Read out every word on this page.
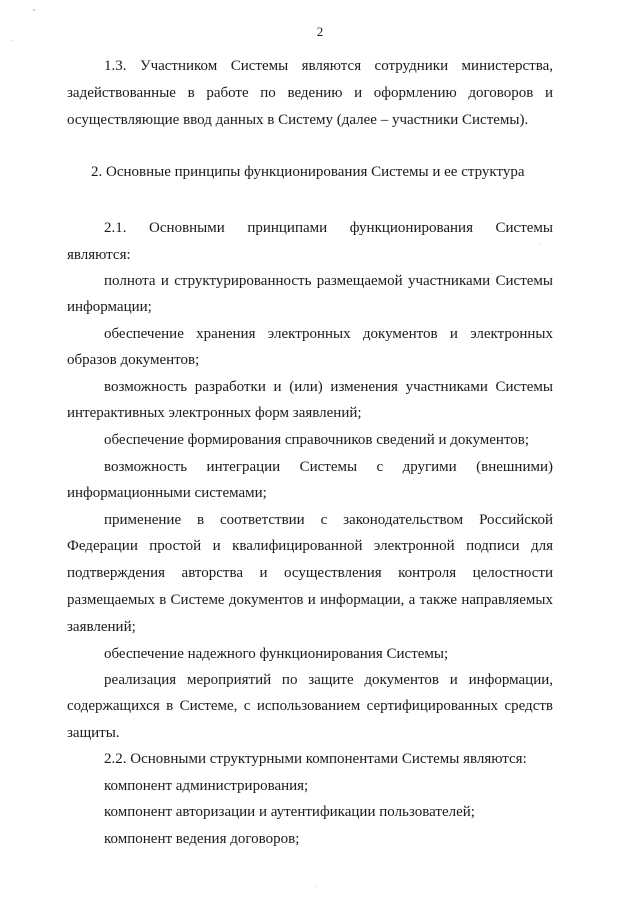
2
1.3. Участником Системы являются сотрудники министерства,
задействованные в работе по ведению и оформлению договоров и
осуществляющие ввод данных в Систему (далее – участники Системы).
2. Основные принципы функционирования Системы и ее структура
2.1. Основными принципами функционирования Системы
являются:
полнота и структурированность размещаемой участниками Системы
информации;
обеспечение хранения электронных документов и электронных
образов документов;
возможность разработки и (или) изменения участниками Системы
интерактивных электронных форм заявлений;
обеспечение формирования справочников сведений и документов;
возможность интеграции Системы с другими (внешними)
информационными системами;
применение в соответствии с законодательством Российской
Федерации простой и квалифицированной электронной подписи для
подтверждения авторства и осуществления контроля целостности
размещаемых в Системе документов и информации, а также направляемых
заявлений;
обеспечение надежного функционирования Системы;
реализация мероприятий по защите документов и информации,
содержащихся в Системе, с использованием сертифицированных средств
защиты.
2.2. Основными структурными компонентами Системы являются:
компонент администрирования;
компонент авторизации и аутентификации пользователей;
компонент ведения договоров;
